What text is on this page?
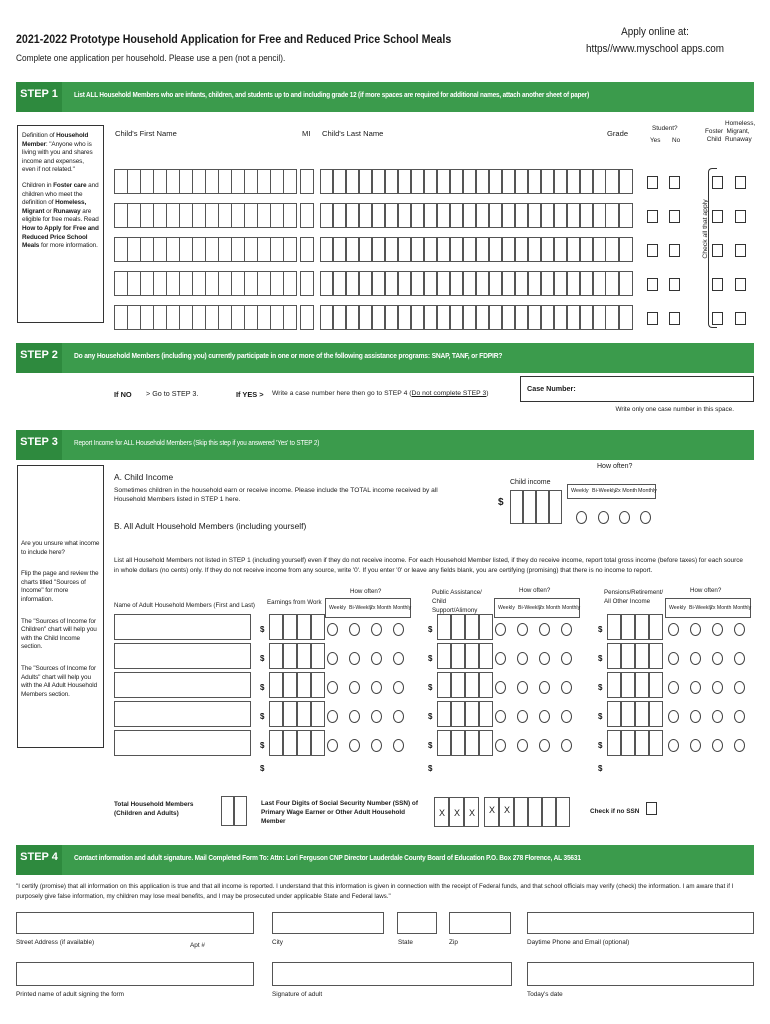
2021-2022 Prototype Household Application for Free and Reduced Price School Meals
Complete one application per household. Please use a pen (not a pencil).
Apply online at:
https//www.myschool apps.com
STEP 1	List ALL Household Members who are infants, children, and students up to and including grade 12 (if more spaces are required for additional names, attach another sheet of paper)
Definition of Household Member: "Anyone who is living with you and shares income and expenses, even if not related."
Children in Foster care and children who meet the definition of Homeless, Migrant or Runaway are eligible for free meals. Read How to Apply for Free and Reduced Price School Meals for more information.
Child's First Name	MI Child's Last Name	Grade
Student?
Yes No
Foster Child
Homeless, Migrant, Runaway
Check all that apply
STEP 2	Do any Household Members (including you) currently participate in one or more of the following assistance programs: SNAP, TANF, or FDPIR?
If NO > Go to STEP 3.	If YES > Write a case number here then go to STEP 4 (Do not complete STEP 3)
Case Number:
Write only one case number in this space.
STEP 3	Report Income for ALL Household Members (Skip this step if you answered 'Yes' to STEP 2)
Are you unsure what income to include here?
Flip the page and review the charts titled "Sources of Income" for more information.
The "Sources of Income for Children" chart will help you with the Child Income section.
The "Sources of Income for Adults" chart will help you with the All Adult Household Members section.
A. Child Income
Sometimes children in the household earn or receive income. Please include the TOTAL income received by all Household Members listed in STEP 1 here.
Child income
$
How often?
Weekly Bi-Weekly
2x Month Monthly
B. All Adult Household Members (including yourself)
List all Household Members not listed in STEP 1 (including yourself) even if they do not receive income. For each Household Member listed, if they do receive income, report total gross income (before taxes) for each source in whole dollars (no cents) only. If they do not receive income from any source, write '0'. If you enter '0' or leave any fields blank, you are certifying (promising) that there is no income to report.
Name of Adult Household Members (First and Last) Earnings from Work
Public Assistance/ Child Support/Alimony
Pensions/Retirement/ All Other Income
How often?
Weekly Bi-Weekly
2x Month Monthly
How often?
Weekly Bi-Weekly
2x Month Monthly
How often?
Weekly Bi-Weekly
2x Month Monthly
$	$	$
$	$	$
$	$	$
$	$	$
$	$	$
$	$	$
Total Household Members (Children and Adults)
Last Four Digits of Social Security Number (SSN) of Primary Wage Earner or Other Adult Household Member
X X X X X	Check if no SSN
STEP 4	Contact information and adult signature. Mail Completed Form To: Attn: Lori Ferguson CNP Director Lauderdale County Board of Education P.O. Box 278 Florence, AL 35631
"I certify (promise) that all information on this application is true and that all income is reported. I understand that this information is given in connection with the receipt of Federal funds, and that school officials may verify (check) the information. I am aware that if I purposely give false information, my children may lose meal benefits, and I may be prosecuted under applicable State and Federal laws."
Street Address (if available)	Apt #	City	State	Zip	Daytime Phone and Email (optional)
Printed name of adult signing the form	Signature of adult	Today's date
